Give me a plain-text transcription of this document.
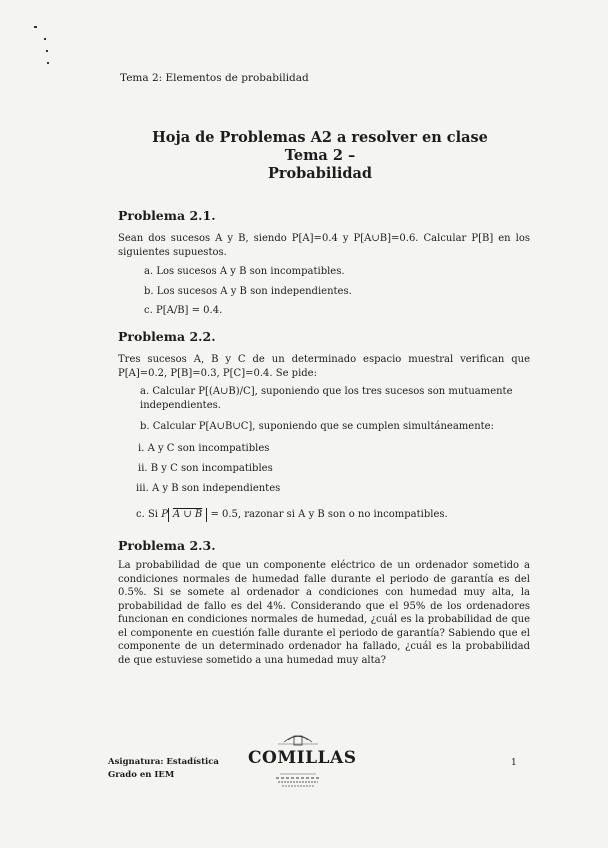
Tema 2: Elementos de probabilidad
Hoja de Problemas A2 a resolver en clase
Tema 2 –
Probabilidad
Problema 2.1.
Sean dos sucesos A y B, siendo P[A]=0.4 y P[A∪B]=0.6. Calcular P[B] en los siguientes supuestos.
a. Los sucesos A y B son incompatibles.
b. Los sucesos A y B son independientes.
c. P[A/B] = 0.4.
Problema 2.2.
Tres sucesos A, B y C de un determinado espacio muestral verifican que P[A]=0.2, P[B]=0.3, P[C]=0.4. Se pide:
a. Calcular P[(A∪B)/C], suponiendo que los tres sucesos son mutuamente independientes.
b. Calcular P[A∪B∪C], suponiendo que se cumplen simultáneamente:
i. A y C son incompatibles
ii. B y C son incompatibles
iii. A y B son independientes
c. Si P A ∪ B = 0.5, razonar si A y B son o no incompatibles.
Problema 2.3.
La probabilidad de que un componente eléctrico de un ordenador sometido a condiciones normales de humedad falle durante el periodo de garantía es del 0.5%. Si se somete al ordenador a condiciones con humedad muy alta, la probabilidad de fallo es del 4%. Considerando que el 95% de los ordenadores funcionan en condiciones normales de humedad, ¿cuál es la probabilidad de que el componente en cuestión falle durante el periodo de garantía? Sabiendo que el componente de un determinado ordenador ha fallado, ¿cuál es la probabilidad de que estuviese sometido a una humedad muy alta?
Asignatura: Estadística
Grado en IEM
COMILLAS	1
